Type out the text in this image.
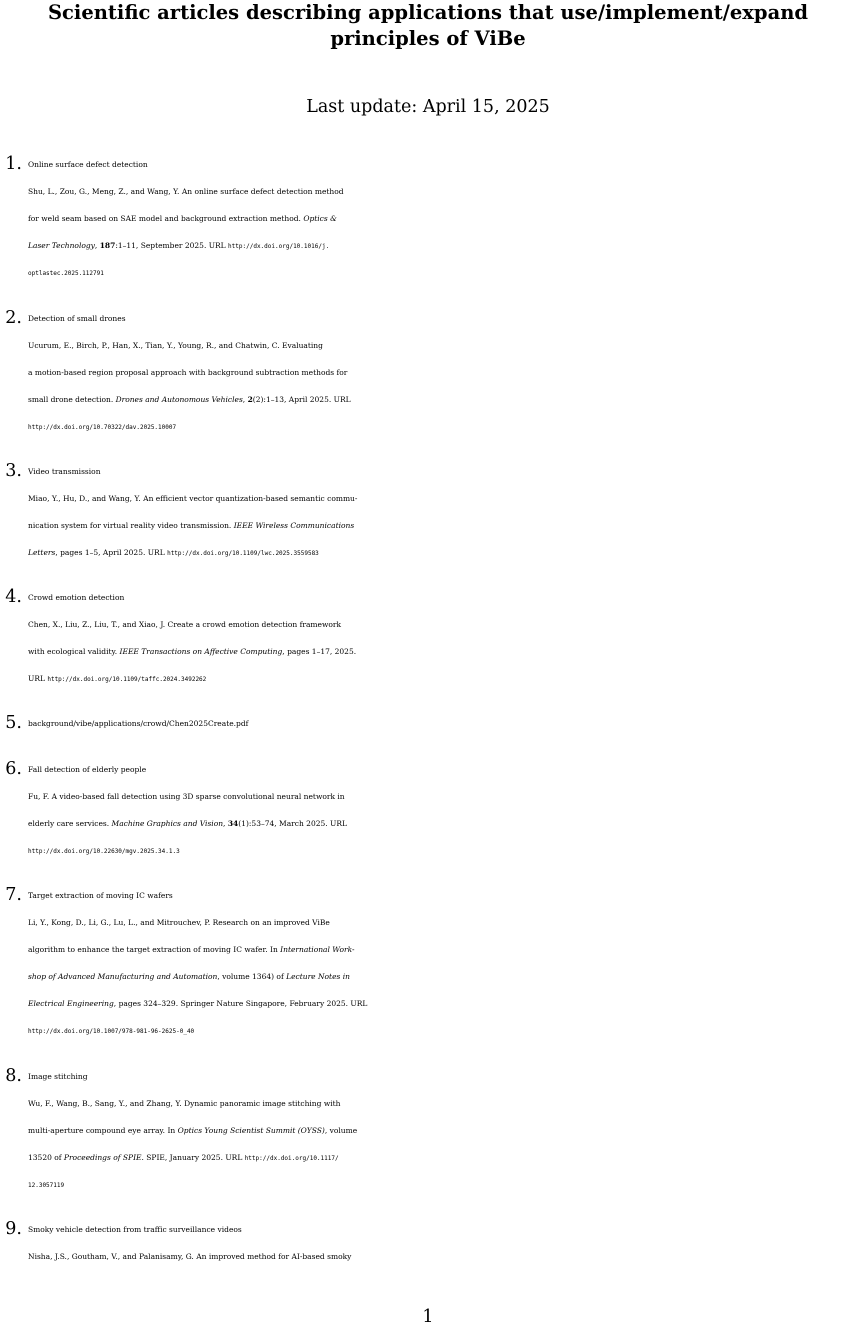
Scientific articles describing applications that use/implement/expand
principles of ViBe
Last update: April 15, 2025
1. Online surface defect detection
Shu, L., Zou, G., Meng, Z., and Wang, Y. An online surface defect detection method
for weld seam based on SAE model and background extraction method. Optics &
Laser Technology, 187:1–11, September 2025. URL http://dx.doi.org/10.1016/j.
optlastec.2025.112791
2. Detection of small drones
Ucurum, E., Birch, P., Han, X., Tian, Y., Young, R., and Chatwin, C. Evaluating
a motion-based region proposal approach with background subtraction methods for
small drone detection. Drones and Autonomous Vehicles, 2(2):1–13, April 2025. URL
http://dx.doi.org/10.70322/dav.2025.10007
3. Video transmission
Miao, Y., Hu, D., and Wang, Y. An efficient vector quantization-based semantic commu-
nication system for virtual reality video transmission. IEEE Wireless Communications
Letters, pages 1–5, April 2025. URL http://dx.doi.org/10.1109/lwc.2025.3559583
4. Crowd emotion detection
Chen, X., Liu, Z., Liu, T., and Xiao, J. Create a crowd emotion detection framework
with ecological validity. IEEE Transactions on Affective Computing, pages 1–17, 2025.
URL http://dx.doi.org/10.1109/taffc.2024.3492262
5. background/vibe/applications/crowd/Chen2025Create.pdf
6. Fall detection of elderly people
Fu, F. A video-based fall detection using 3D sparse convolutional neural network in
elderly care services. Machine Graphics and Vision, 34(1):53–74, March 2025. URL
http://dx.doi.org/10.22630/mgv.2025.34.1.3
7. Target extraction of moving IC wafers
Li, Y., Kong, D., Li, G., Lu, L., and Mitrouchev, P. Research on an improved ViBe
algorithm to enhance the target extraction of moving IC wafer. In International Work-
shop of Advanced Manufacturing and Automation, volume 1364) of Lecture Notes in
Electrical Engineering, pages 324–329. Springer Nature Singapore, February 2025. URL
http://dx.doi.org/10.1007/978-981-96-2625-0_40
8. Image stitching
Wu, F., Wang, B., Sang, Y., and Zhang, Y. Dynamic panoramic image stitching with
multi-aperture compound eye array. In Optics Young Scientist Summit (OYSS), volume
13520 of Proceedings of SPIE. SPIE, January 2025. URL http://dx.doi.org/10.1117/
12.3057119
9. Smoky vehicle detection from traffic surveillance videos
Nisha, J.S., Goutham, V., and Palanisamy, G. An improved method for AI-based smoky
1
